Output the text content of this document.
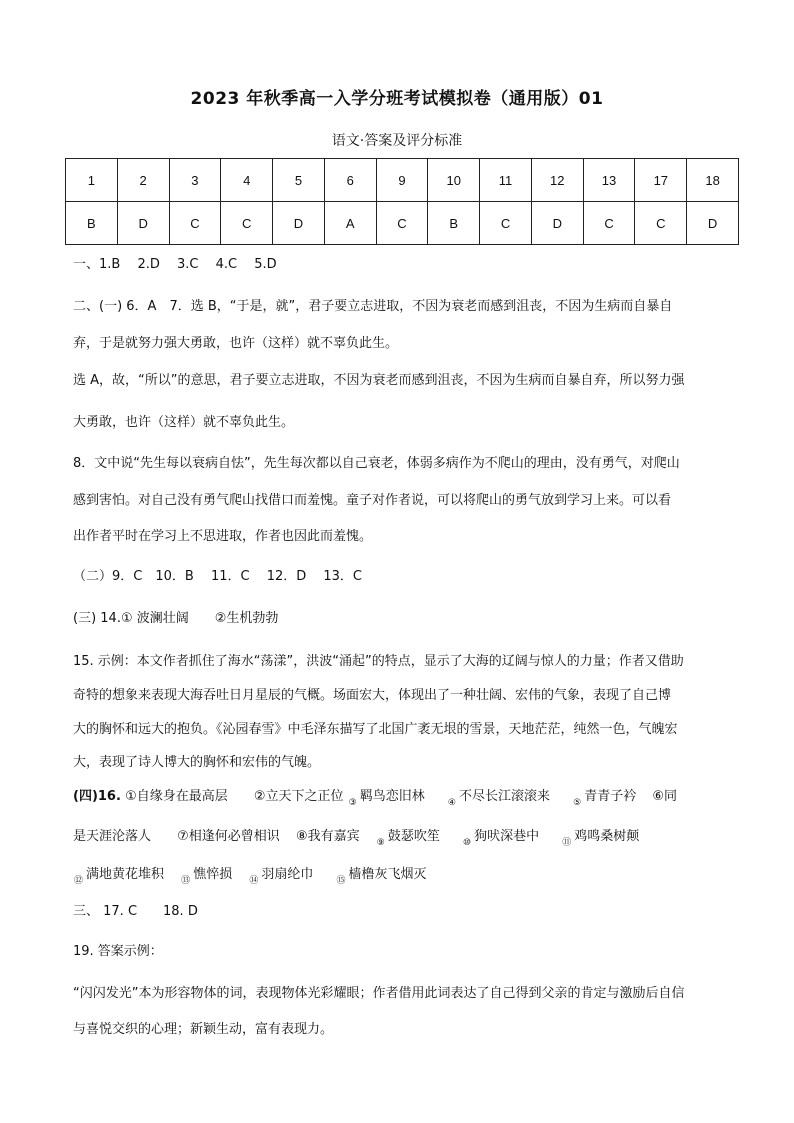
2023 年秋季高一入学分班考试模拟卷（通用版）01
语文·答案及评分标准
1	2	3	4	5	6	9	10	11	12	13	17	18
B	D	C	C	D	A	C	B	C	D	C	C	D
一、1.B　 2.D　 3.C　 4.C　 5.D
二、(一) 6．A　7．选 B，“于是，就”，君子要立志进取，不因为衰老而感到沮丧，不因为生病而自暴自
弃，于是就努力强大勇敢，也许（这样）就不辜负此生。
选 A，故，“所以”的意思，君子要立志进取，不因为衰老而感到沮丧，不因为生病而自暴自弃，所以努力强
大勇敢，也许（这样）就不辜负此生。
8．文中说“先生每以衰病自怯”，先生每次都以自己衰老，体弱多病作为不爬山的理由，没有勇气，对爬山
感到害怕。对自己没有勇气爬山找借口而羞愧。童子对作者说，可以将爬山的勇气放到学习上来。可以看
出作者平时在学习上不思进取，作者也因此而羞愧。
（二）9．C　10．B　 11．C　 12．D　 13．C
(三) 14.① 波澜壮阔　　②生机勃勃
15. 示例：本文作者抓住了海水“荡漾”，洪波“涌起”的特点，显示了大海的辽阔与惊人的力量；作者又借助
奇特的想象来表现大海吞吐日月星辰的气概。场面宏大，体现出了一种壮阔、宏伟的气象，表现了自己博
大的胸怀和远大的抱负。《沁园春雪》中毛泽东描写了北国广袤无垠的雪景，天地茫茫，纯然一色，气魄宏
大，表现了诗人博大的胸怀和宏伟的气魄。
(四)16. ①自缘身在最高层 ②立天下之正位 $_③$ 羁鸟恋旧林	$_④$ 不尽长江滚滚来	$_⑤$ 青青子衿 ⑥同
是天涯沦落人 ⑦相逢何必曾相识 ⑧我有嘉宾 $_⑨$ 鼓瑟吹笙	$_⑩$ 狗吠深巷中	$_⑪$ 鸡鸣桑树颠
$_⑫$ 满地黄花堆积 $_⑬$ 憔悴损 $_⑭$ 羽扇纶巾	$_⑮$ 樯橹灰飞烟灭
三、 17. C　　18. D
19. 答案示例：
“闪闪发光”本为形容物体的词，表现物体光彩耀眼；作者借用此词表达了自己得到父亲的肯定与激励后自信
与喜悦交织的心理；新颖生动，富有表现力。
